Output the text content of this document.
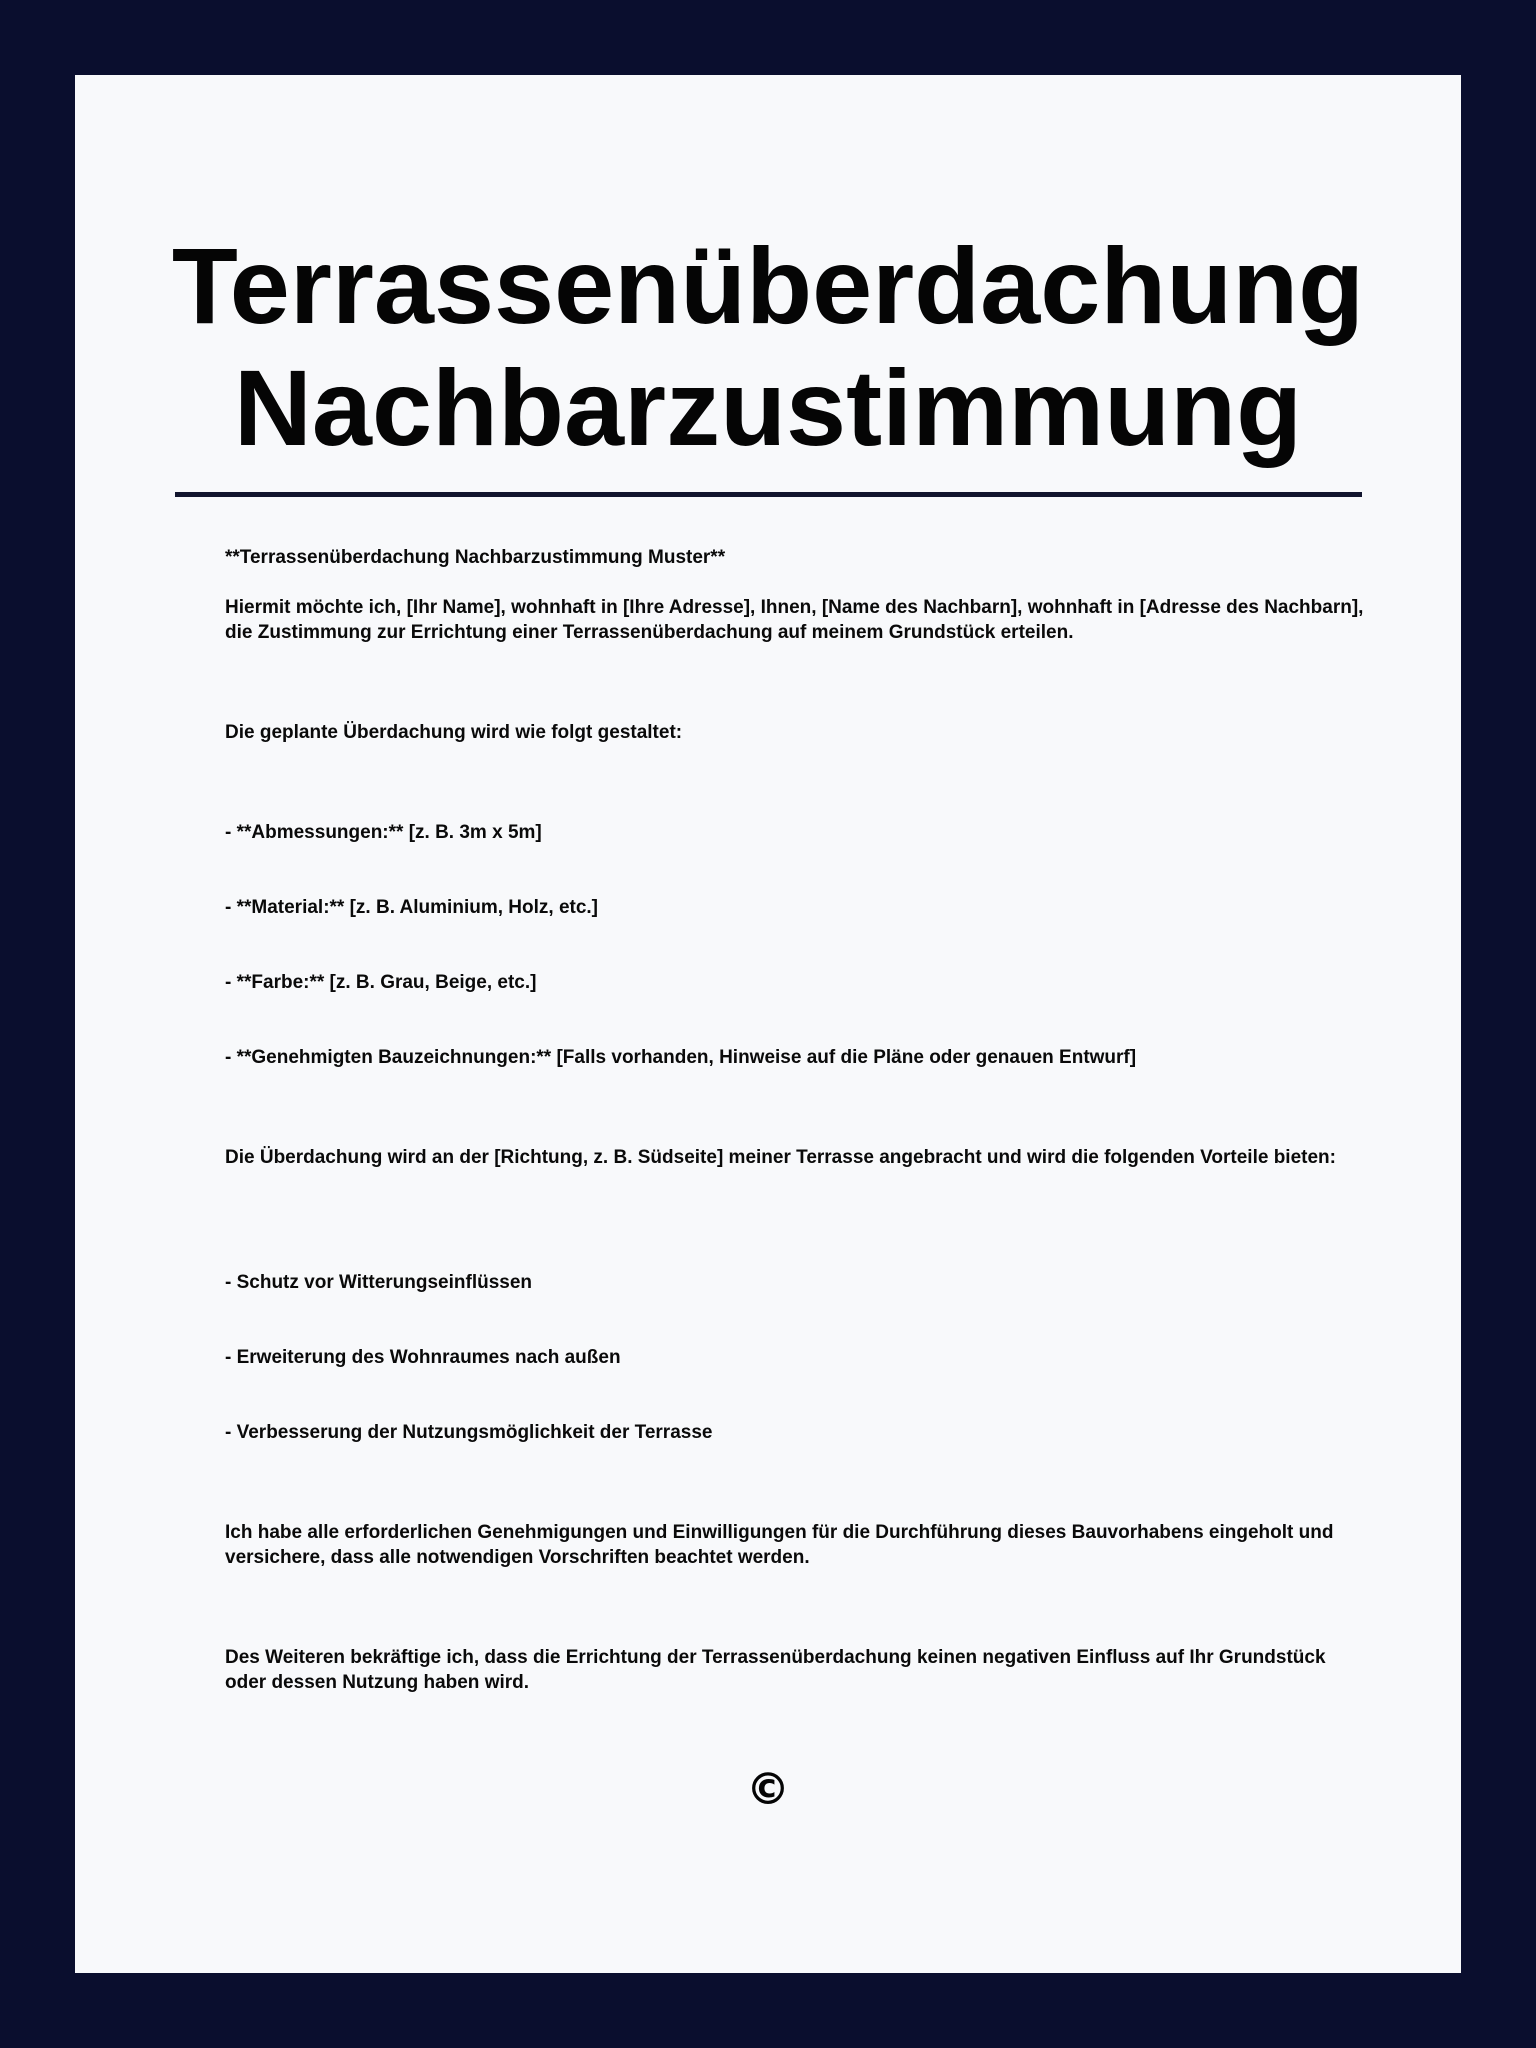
Terrassenüberdachung
Nachbarzustimmung

**Terrassenüberdachung Nachbarzustimmung Muster**

Hiermit möchte ich, [Ihr Name], wohnhaft in [Ihre Adresse], Ihnen, [Name des Nachbarn], wohnhaft in [Adresse des Nachbarn], die Zustimmung zur Errichtung einer Terrassenüberdachung auf meinem Grundstück erteilen.

Die geplante Überdachung wird wie folgt gestaltet:

- **Abmessungen:** [z. B. 3m x 5m]

- **Material:** [z. B. Aluminium, Holz, etc.]

- **Farbe:** [z. B. Grau, Beige, etc.]

- **Genehmigten Bauzeichnungen:** [Falls vorhanden, Hinweise auf die Pläne oder genauen Entwurf]

Die Überdachung wird an der [Richtung, z. B. Südseite] meiner Terrasse angebracht und wird die folgenden Vorteile bieten:

- Schutz vor Witterungseinflüssen

- Erweiterung des Wohnraumes nach außen

- Verbesserung der Nutzungsmöglichkeit der Terrasse

Ich habe alle erforderlichen Genehmigungen und Einwilligungen für die Durchführung dieses Bauvorhabens eingeholt und versichere, dass alle notwendigen Vorschriften beachtet werden.

Des Weiteren bekräftige ich, dass die Errichtung der Terrassenüberdachung keinen negativen Einfluss auf Ihr Grundstück oder dessen Nutzung haben wird.

©
